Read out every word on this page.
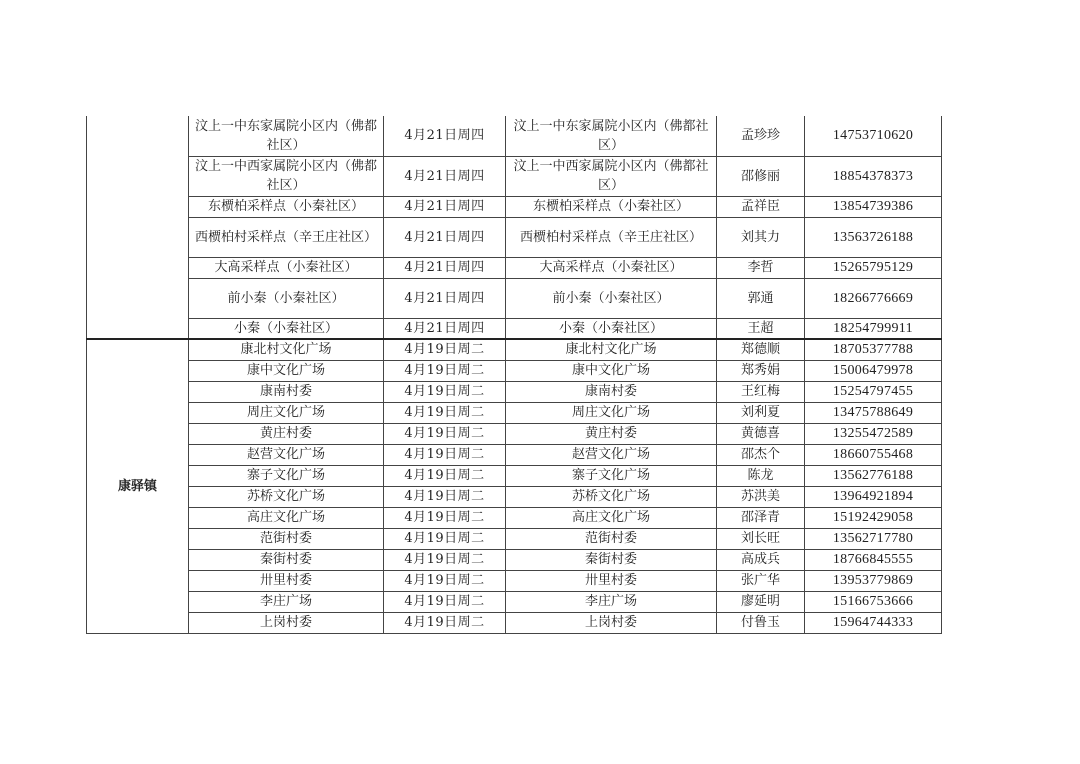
	汶上一中东家属院小区内（佛都社区）	4月21日周四	汶上一中东家属院小区内（佛都社区）	孟珍珍	14753710620
	汶上一中西家属院小区内（佛都社区）	4月21日周四	汶上一中西家属院小区内（佛都社区）	邵修丽	18854378373
	东槚柏采样点（小秦社区）	4月21日周四	东槚柏采样点（小秦社区）	孟祥臣	13854739386
	西槚柏村采样点（辛王庄社区）	4月21日周四	西槚柏村采样点（辛王庄社区）	刘其力	13563726188
	大高采样点（小秦社区）	4月21日周四	大高采样点（小秦社区）	李哲	15265795129
	前小秦（小秦社区）	4月21日周四	前小秦（小秦社区）	郭通	18266776669
	小秦（小秦社区）	4月21日周四	小秦（小秦社区）	王超	18254799911
康驿镇	康北村文化广场	4月19日周二	康北村文化广场	郑德顺	18705377788
	康中文化广场	4月19日周二	康中文化广场	郑秀娟	15006479978
	康南村委	4月19日周二	康南村委	王红梅	15254797455
	周庄文化广场	4月19日周二	周庄文化广场	刘利夏	13475788649
	黄庄村委	4月19日周二	黄庄村委	黄德喜	13255472589
	赵营文化广场	4月19日周二	赵营文化广场	邵杰个	18660755468
	寨子文化广场	4月19日周二	寨子文化广场	陈龙	13562776188
	苏桥文化广场	4月19日周二	苏桥文化广场	苏洪美	13964921894
	高庄文化广场	4月19日周二	高庄文化广场	邵泽青	15192429058
	范街村委	4月19日周二	范街村委	刘长旺	13562717780
	秦街村委	4月19日周二	秦街村委	高成兵	18766845555
	卅里村委	4月19日周二	卅里村委	张广华	13953779869
	李庄广场	4月19日周二	李庄广场	廖延明	15166753666
	上岗村委	4月19日周二	上岗村委	付鲁玉	15964744333
